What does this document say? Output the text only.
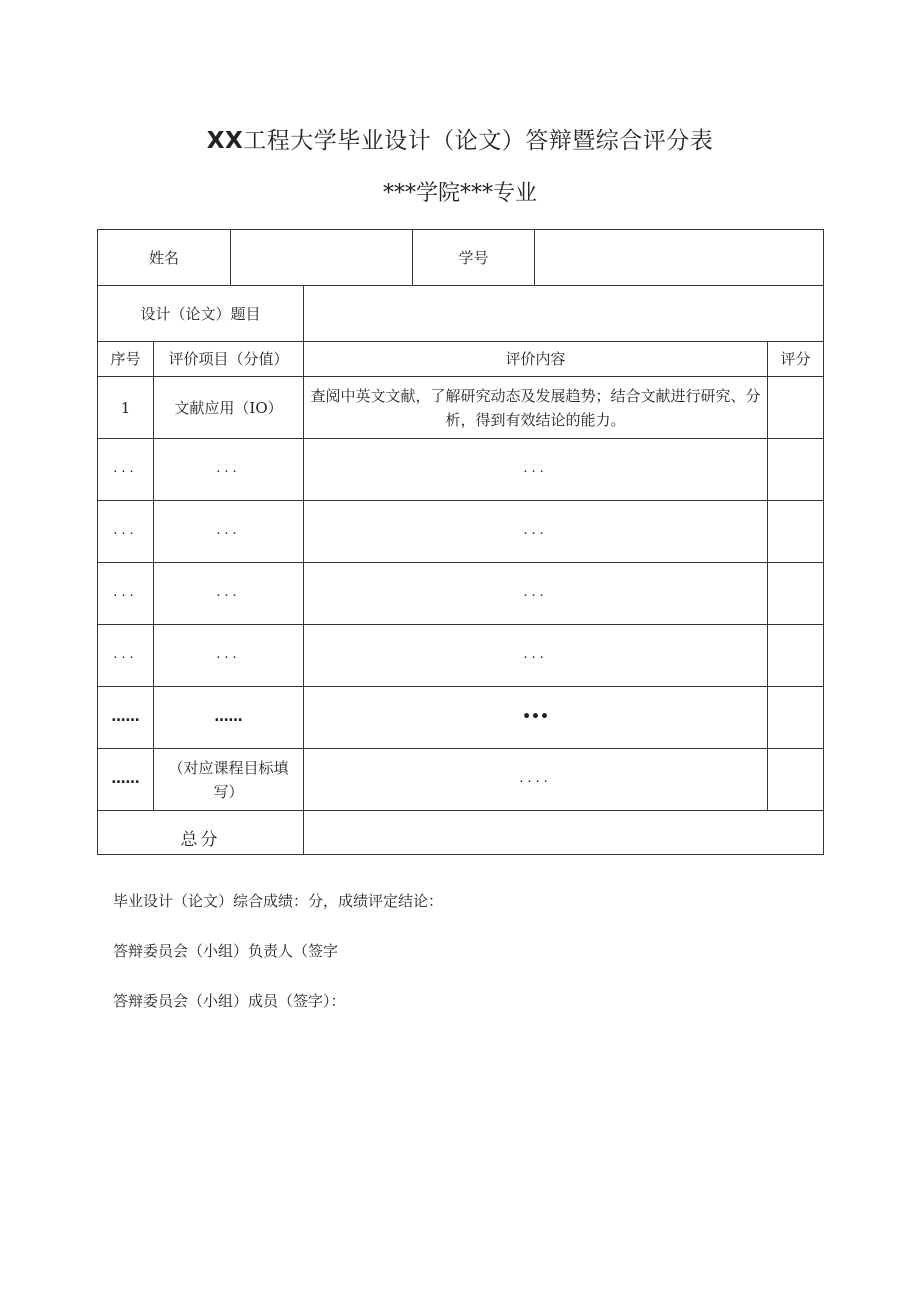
XX工程大学毕业设计（论文）答辩暨综合评分表
***学院***专业
姓名				学号		
设计（论文）题目						
序号	评价项目（分值）		评价内容			评分
1	文献应用（IO）		查阅中英文文献，了解研究动态及发展趋势；结合文献进行研究、分析，得到有效结论的能力。			
...	...		...			
...	...		...			
...	...		...			
...	...		...			
……	……		•••			
……	（对应课程目标填写）		....			
总分						
毕业设计（论文）综合成绩：分，成绩评定结论：
答辩委员会（小组）负责人（签字
答辩委员会（小组）成员（签字）：
